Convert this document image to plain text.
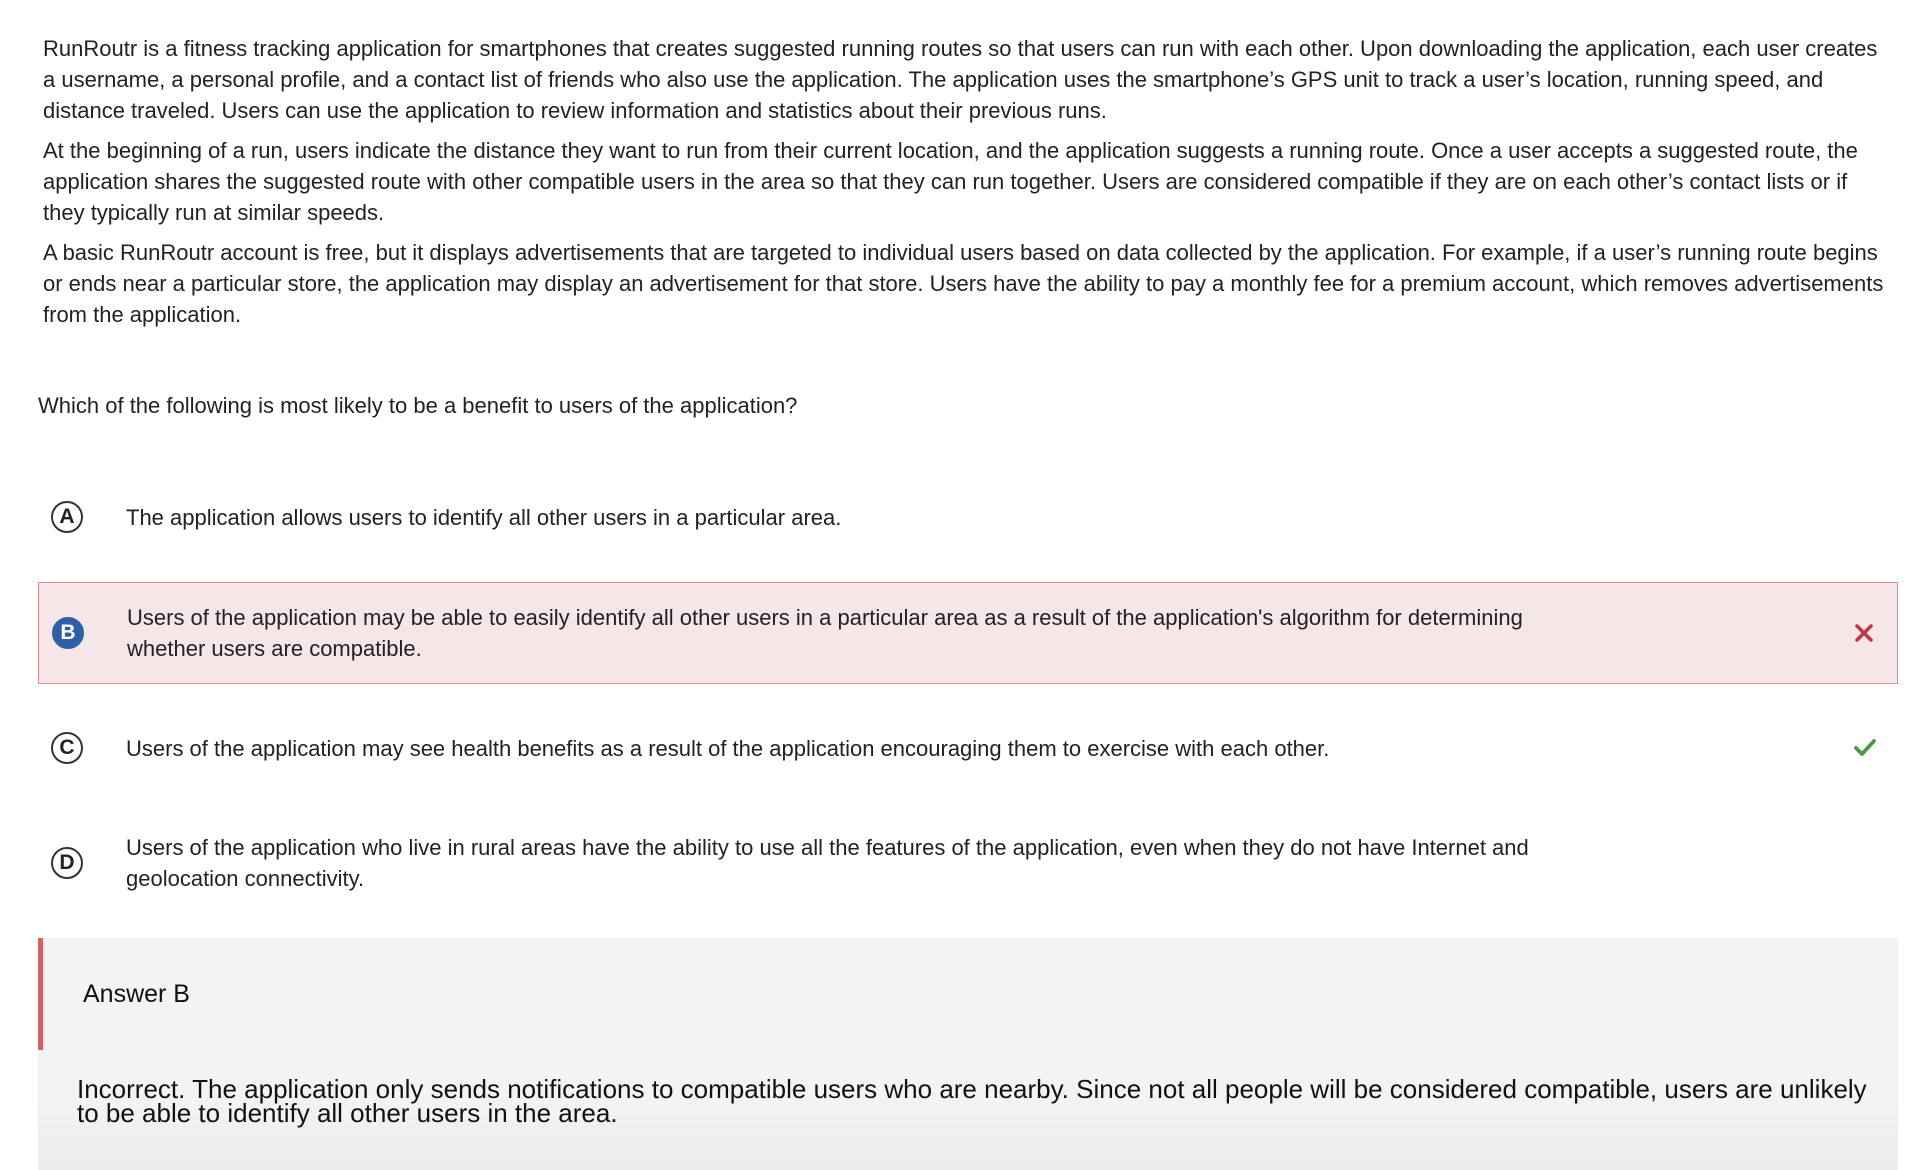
RunRoutr is a fitness tracking application for smartphones that creates suggested running routes so that users can run with each other. Upon downloading the application, each user creates a username, a personal profile, and a contact list of friends who also use the application. The application uses the smartphone’s GPS unit to track a user’s location, running speed, and distance traveled. Users can use the application to review information and statistics about their previous runs.

At the beginning of a run, users indicate the distance they want to run from their current location, and the application suggests a running route. Once a user accepts a suggested route, the application shares the suggested route with other compatible users in the area so that they can run together. Users are considered compatible if they are on each other’s contact lists or if they typically run at similar speeds.

A basic RunRoutr account is free, but it displays advertisements that are targeted to individual users based on data collected by the application. For example, if a user’s running route begins or ends near a particular store, the application may display an advertisement for that store. Users have the ability to pay a monthly fee for a premium account, which removes advertisements from the application.

Which of the following is most likely to be a benefit to users of the application?

A	The application allows users to identify all other users in a particular area.
B
Users of the application may be able to easily identify all other users in a particular area as a result of the application's algorithm for determining whether users are compatible.
C	Users of the application may see health benefits as a result of the application encouraging them to exercise with each other.
D
Users of the application who live in rural areas have the ability to use all the features of the application, even when they do not have Internet and geolocation connectivity.
Answer B
Incorrect. The application only sends notifications to compatible users who are nearby. Since not all people will be considered compatible, users are unlikely to be able to identify all other users in the area.
